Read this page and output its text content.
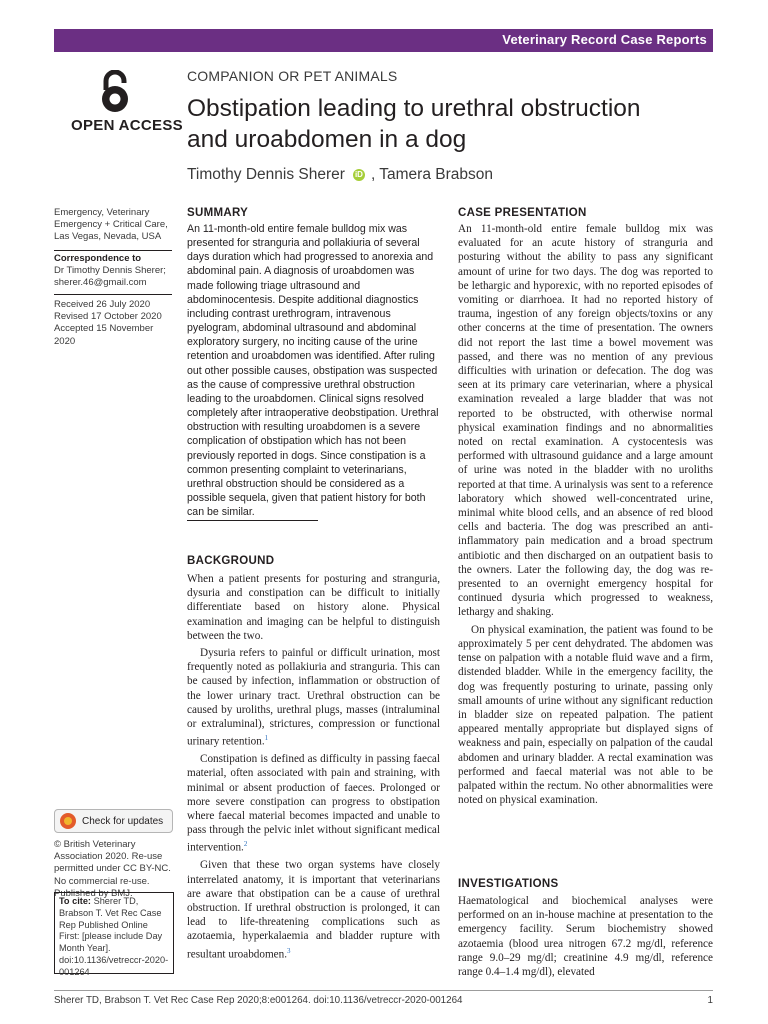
Veterinary Record Case Reports
OPEN ACCESS
COMPANION OR PET ANIMALS
Obstipation leading to urethral obstruction and uroabdomen in a dog
Timothy Dennis Sherer iD , Tamera Brabson
Emergency, Veterinary Emergency + Critical Care, Las Vegas, Nevada, USA
Correspondence to
Dr Timothy Dennis Sherer;
sherer.46@gmail.com
Received 26 July 2020
Revised 17 October 2020
Accepted 15 November 2020
Check for updates
© British Veterinary Association 2020. Re-use permitted under CC BY-NC. No commercial re-use. Published by BMJ.
To cite: Sherer TD, Brabson T. Vet Rec Case Rep Published Online First: [please include Day Month Year]. doi:10.1136/vetreccr-2020-001264
SUMMARY
An 11-month-old entire female bulldog mix was presented for stranguria and pollakiuria of several days duration which had progressed to anorexia and abdominal pain. A diagnosis of uroabdomen was made following triage ultrasound and abdominocentesis. Despite additional diagnostics including contrast urethrogram, intravenous pyelogram, abdominal ultrasound and abdominal exploratory surgery, no inciting cause of the urine retention and uroabdomen was identified. After ruling out other possible causes, obstipation was suspected as the cause of compressive urethral obstruction leading to the uroabdomen. Clinical signs resolved completely after intraoperative deobstipation. Urethral obstruction with resulting uroabdomen is a severe complication of obstipation which has not been previously reported in dogs. Since constipation is a common presenting complaint to veterinarians, urethral obstruction should be considered as a possible sequela, given that patient history for both can be similar.
BACKGROUND

When a patient presents for posturing and stranguria, dysuria and constipation can be difficult to initially differentiate based on history alone. Physical examination and imaging can be helpful to distinguish between the two.

Dysuria refers to painful or difficult urination, most frequently noted as pollakiuria and stranguria. This can be caused by infection, inflammation or obstruction of the lower urinary tract. Urethral obstruction can be caused by uroliths, urethral plugs, masses (intraluminal or extraluminal), strictures, compression or functional urinary retention.$^1$

Constipation is defined as difficulty in passing faecal material, often associated with pain and straining, with minimal or absent production of faeces. Prolonged or more severe constipation can progress to obstipation where faecal material becomes impacted and unable to pass through the pelvic inlet without significant medical intervention.$^2$

Given that these two organ systems have closely interrelated anatomy, it is important that veterinarians are aware that obstipation can be a cause of urethral obstruction. If urethral obstruction is prolonged, it can lead to life-threatening complications such as azotaemia, hyperkalaemia and bladder rupture with resultant uroabdomen.$^3$

CASE PRESENTATION

An 11-month-old entire female bulldog mix was evaluated for an acute history of stranguria and posturing without the ability to pass any significant amount of urine for two days. The dog was reported to be lethargic and hyporexic, with no reported episodes of vomiting or diarrhoea. It had no reported history of trauma, ingestion of any foreign objects/toxins or any other concerns at the time of presentation. The owners did not report the last time a bowel movement was passed, and there was no mention of any previous difficulties with urination or defecation. The dog was seen at its primary care veterinarian, where a physical examination revealed a large bladder that was not reported to be obstructed, with otherwise normal physical examination findings and no abnormalities noted on rectal examination. A cystocentesis was performed with ultrasound guidance and a large amount of urine was noted in the bladder with no uroliths reported at that time. A urinalysis was sent to a reference laboratory which showed well-concentrated urine, minimal white blood cells, and an absence of red blood cells and bacteria. The dog was prescribed an anti-inflammatory pain medication and a broad spectrum antibiotic and then discharged on an outpatient basis to the owners. Later the following day, the dog was re-presented to an overnight emergency hospital for continued dysuria which progressed to weakness, lethargy and shaking.

On physical examination, the patient was found to be approximately 5 per cent dehydrated. The abdomen was tense on palpation with a notable fluid wave and a firm, distended bladder. While in the emergency facility, the dog was frequently posturing to urinate, passing only small amounts of urine without any significant reduction in bladder size on repeated palpation. The patient appeared mentally appropriate but displayed signs of weakness and pain, especially on palpation of the caudal abdomen and urinary bladder. A rectal examination was performed and faecal material was not able to be palpated within the rectum. No other abnormalities were noted on physical examination.

INVESTIGATIONS

Haematological and biochemical analyses were performed on an in-house machine at presentation to the emergency facility. Serum biochemistry showed azotaemia (blood urea nitrogen 67.2 mg/dl, reference range 9.0–29 mg/dl; creatinine 4.9 mg/dl, reference range 0.4–1.4 mg/dl), elevated

Sherer TD, Brabson T. Vet Rec Case Rep 2020;8:e001264. doi:10.1136/vetreccr-2020-001264	1
